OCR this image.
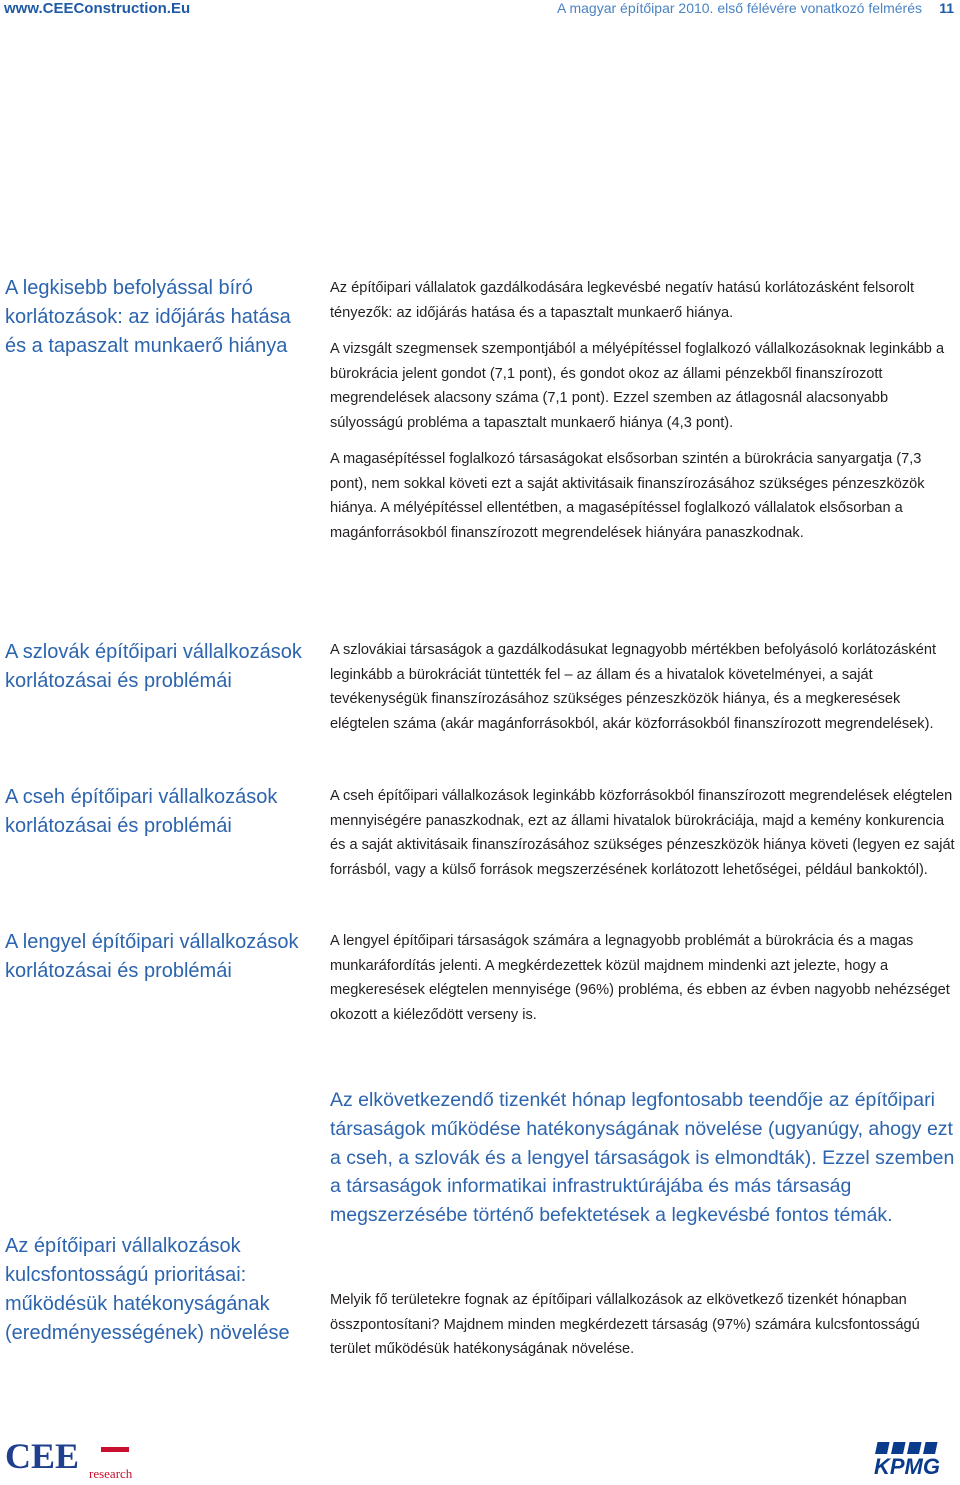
www.CEEConstruction.Eu	A magyar építőipar 2010. első félévére vonatkozó felmérés 11
A legkisebb befolyással bíró korlátozások: az időjárás hatása és a tapaszalt munkaerő hiánya

Az építőipari vállalatok gazdálkodására legkevésbé negatív hatású korlátozásként felsorolt tényezők: az időjárás hatása és a tapasztalt munkaerő hiánya.

A vizsgált szegmensek szempontjából a mélyépítéssel foglalkozó vállalkozásoknak leginkább a bürokrácia jelent gondot (7,1 pont), és gondot okoz az állami pénzekből finanszírozott megrendelések alacsony száma (7,1 pont). Ezzel szemben az átlagosnál alacsonyabb súlyosságú probléma a tapasztalt munkaerő hiánya (4,3 pont).

A magasépítéssel foglalkozó társaságokat elsősorban szintén a bürokrácia sanyargatja (7,3 pont), nem sokkal követi ezt a saját aktivitásaik finanszírozásához szükséges pénzeszközök hiánya. A mélyépítéssel ellentétben, a magasépítéssel foglalkozó vállalatok elsősorban a magánforrásokból finanszírozott megrendelések hiányára panaszkodnak.

A szlovák építőipari vállalkozások korlátozásai és problémái

A szlovákiai társaságok a gazdálkodásukat legnagyobb mértékben befolyásoló korlátozásként leginkább a bürokráciát tüntették fel – az állam és a hivatalok követelményei, a saját tevékenységük finanszírozásához szükséges pénzeszközök hiánya, és a megkeresések elégtelen száma (akár magánforrásokból, akár közforrásokból finanszírozott megrendelések).

A cseh építőipari vállalkozások korlátozásai és problémái

A cseh építőipari vállalkozások leginkább közforrásokból finanszírozott megrendelések elégtelen mennyiségére panaszkodnak, ezt az állami hivatalok bürokráciája, majd a kemény konkurencia és a saját aktivitásaik finanszírozásához szükséges pénzeszközök hiánya követi (legyen ez saját forrásból, vagy a külső források megszerzésének korlátozott lehetőségei, például bankoktól).

A lengyel építőipari vállalkozások korlátozásai és problémái

A lengyel építőipari társaságok számára a legnagyobb problémát a bürokrácia és a magas munkaráfordítás jelenti. A megkérdezettek közül majdnem mindenki azt jelezte, hogy a megkeresések elégtelen mennyisége (96%) probléma, és ebben az évben nagyobb nehézséget okozott a kiéleződött verseny is.

Az építőipari vállalkozások kulcsfontosságú prioritásai: működésük hatékonyságának (eredményességének) növelése

Az elkövetkezendő tizenkét hónap legfontosabb teendője az építőipari társaságok működése hatékonyságának növelése (ugyanúgy, ahogy ezt a cseh, a szlovák és a lengyel társaságok is elmondták). Ezzel szemben a társaságok informatikai infrastruktúrájába és más társaság megszerzésébe történő befektetések a legkevésbé fontos témák.

Melyik fő területekre fognak az építőipari vállalkozások az elkövetkező tizenkét hónapban összpontosítani? Majdnem minden megkérdezett társaság (97%) számára kulcsfontosságú terület működésük hatékonyságának növelése.

CEE research	KPMG
